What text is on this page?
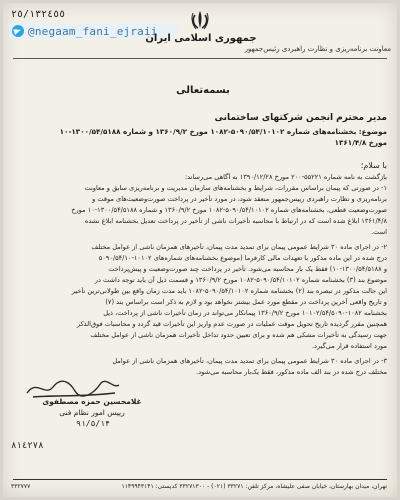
@negaam_fani_ejraii
٢٥/١٣٢٤٥٥
جمهوری اسلامی ایران
معاونت برنامه‌ریزی و نظارت راهبردی رئیس‌جمهور
بسمه‌تعالی
مدیر محترم انجمن شرکتهای ساختمانی
موضوع: بخشنامه‌های شماره ۵۰۹۰/۵۴/۱۰۱۰۲-۱۰۸۲ مورخ ۱۳۶۰/۹/۲ و شماره ۱۳۰۰/۵۴/۵۱۸۸-۱۰
مورخ ۱۳۶۱/۴/۸
با سلام؛
بازگشت به نامه شماره ۵۵۲۲۱-۲۰۰ مورخ ۱۳۹۰/۱۲/۲۸ به آگاهی می‌رساند:
۱- در صورتی که پیمان براساس مقررات، شرایط و بخشنامه‌های سازمان مدیریت و برنامه‌ریزی سابق و معاونت
برنامه‌ریزی و نظارت راهبردی رییس‌جمهور منعقد شود، در مورد تأخیر در پرداخت صورت‌وضعیت‌های موقت و
صورت‌وضعیت قطعی، بخشنامه‌های شماره ۵۰۹۰/۵۴/۱۰۱۰۲-۱۰۸۲ مورخ ۱۳۶۰/۹/۲ و شماره ۱۳۰۰/۵۴/۵۱۸۸-۱۰ مورخ
۱۳۶۱/۴/۸ ابلاغ شده است که در ارتباط با محاسبه تأخیرات ناشی از تأخیر در پرداخت تعدیل بخشنامه ابلاغ نشده
است.
۲- در اجرای ماده ۳۰ شرایط عمومی پیمان برای تمدید مدت پیمان، تأخیرهای همزمان ناشی از عوامل مختلف
درج شده در این ماده مذکور با تعهدات مالی کارفرما (موضوع بخشنامه‌های شماره‌های ۱۰۱۰۲-۵۰۹۰/۵۴/۱۰
و ۱۳۰۰/۵۴/۵۱۸۸-۱۰) فقط یک بار محاسبه می‌شود. تأخیر در پرداخت چند صورت‌وضعیت و پیش‌پرداخت
موضوع بند (۳) بخشنامه شماره ۵۰۹۰/۵۴/۱۰۱۰۲-۱۰۸۲ مورخ ۱۳۶۰/۹/۲ و قسمت ذیل آن باید توجه داشت در
این حالت مذکور در تبصره بند (۲) بخشنامه شماره ۵۰۹۰/۵۴/۱۰۱۰۲-۱۰۸۲ باید مدت زمان واقع بین طولانی‌ترین تأخیر
و تاریخ واقعی آخرین پرداخت در مقطع مورد عمل بیشتر نخواهد بود و لازم به ذکر است براساس بند (۷)
بخشنامه ۱۰۸۲-۱۰۱۰۲/۵۴/۵۰۹۰ مورخ ۱۳۶۰/۹/۲ پیمانکار می‌تواند در زمان تأخیرات ناشی از پرداخت، ذیل
همچنین مقرر گردیده تاریخ تحویل موقت عملیات در صورت عدم واریز این تأخیرات قید گردد و محاسبات فوق‌الذکر
جهت رسیدگی به تأخیرات مشکی هم شده و برای تعیین حدود تداخل تأخیرات همزمان ناشی از عوامل مختلف
مورد استفاده قرار می‌گیرد.
۳- در اجرای ماده ۳۰ شرایط عمومی پیمان برای تمدید مدت پیمان، تأخیرهای همزمان ناشی از عوامل
مختلف درج شده در بند الف ماده مذکور، فقط یک‌بار محاسبه می‌شود.
غلامحسین حمزه مصطفوی
رییس امور نظام فنی
۹۱/۵/۱۴
٨١٤٢٧٨
تهران، میدان بهارستان، خیابان صفی علیشاه، مرکز تلفن: ۳۳۲۷۱ (۰۲۱) - ۳۳۲۷۱۳۰۰ کدپستی: ۱۱۴۹۹۴۳۱۴۱
۳۳۲۷۷۷
